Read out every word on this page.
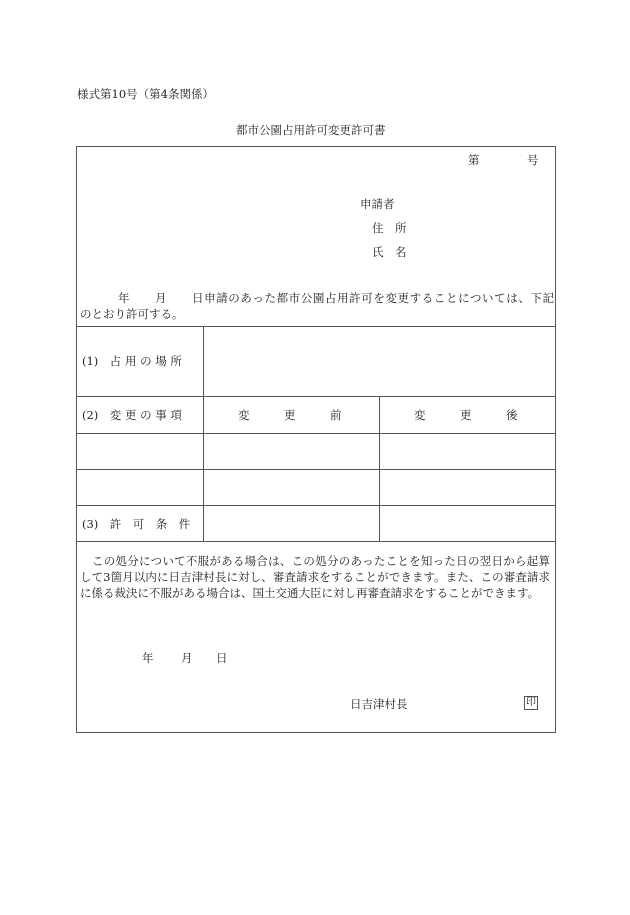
様式第10号（第4条関係）
都市公園占用許可変更許可書
第	号
申請者
住　所
氏　名
年 月 日申請のあった都市公園占用許可を変更することについては、下記
のとおり許可する。
(1)　占 用 の 場 所
(2)　変 更 の 事 項	変　　　更　　　前	変　　　更　　　後
(3)　許　可　条　件
この処分について不服がある場合は、この処分のあったことを知った日の翌日から起算して3箇月以内に日吉津村長に対し、審査請求をすることができます。また、この審査請求に係る裁決に不服がある場合は、国土交通大臣に対し再審査請求をすることができます。
年 月 日
日吉津村長	印
